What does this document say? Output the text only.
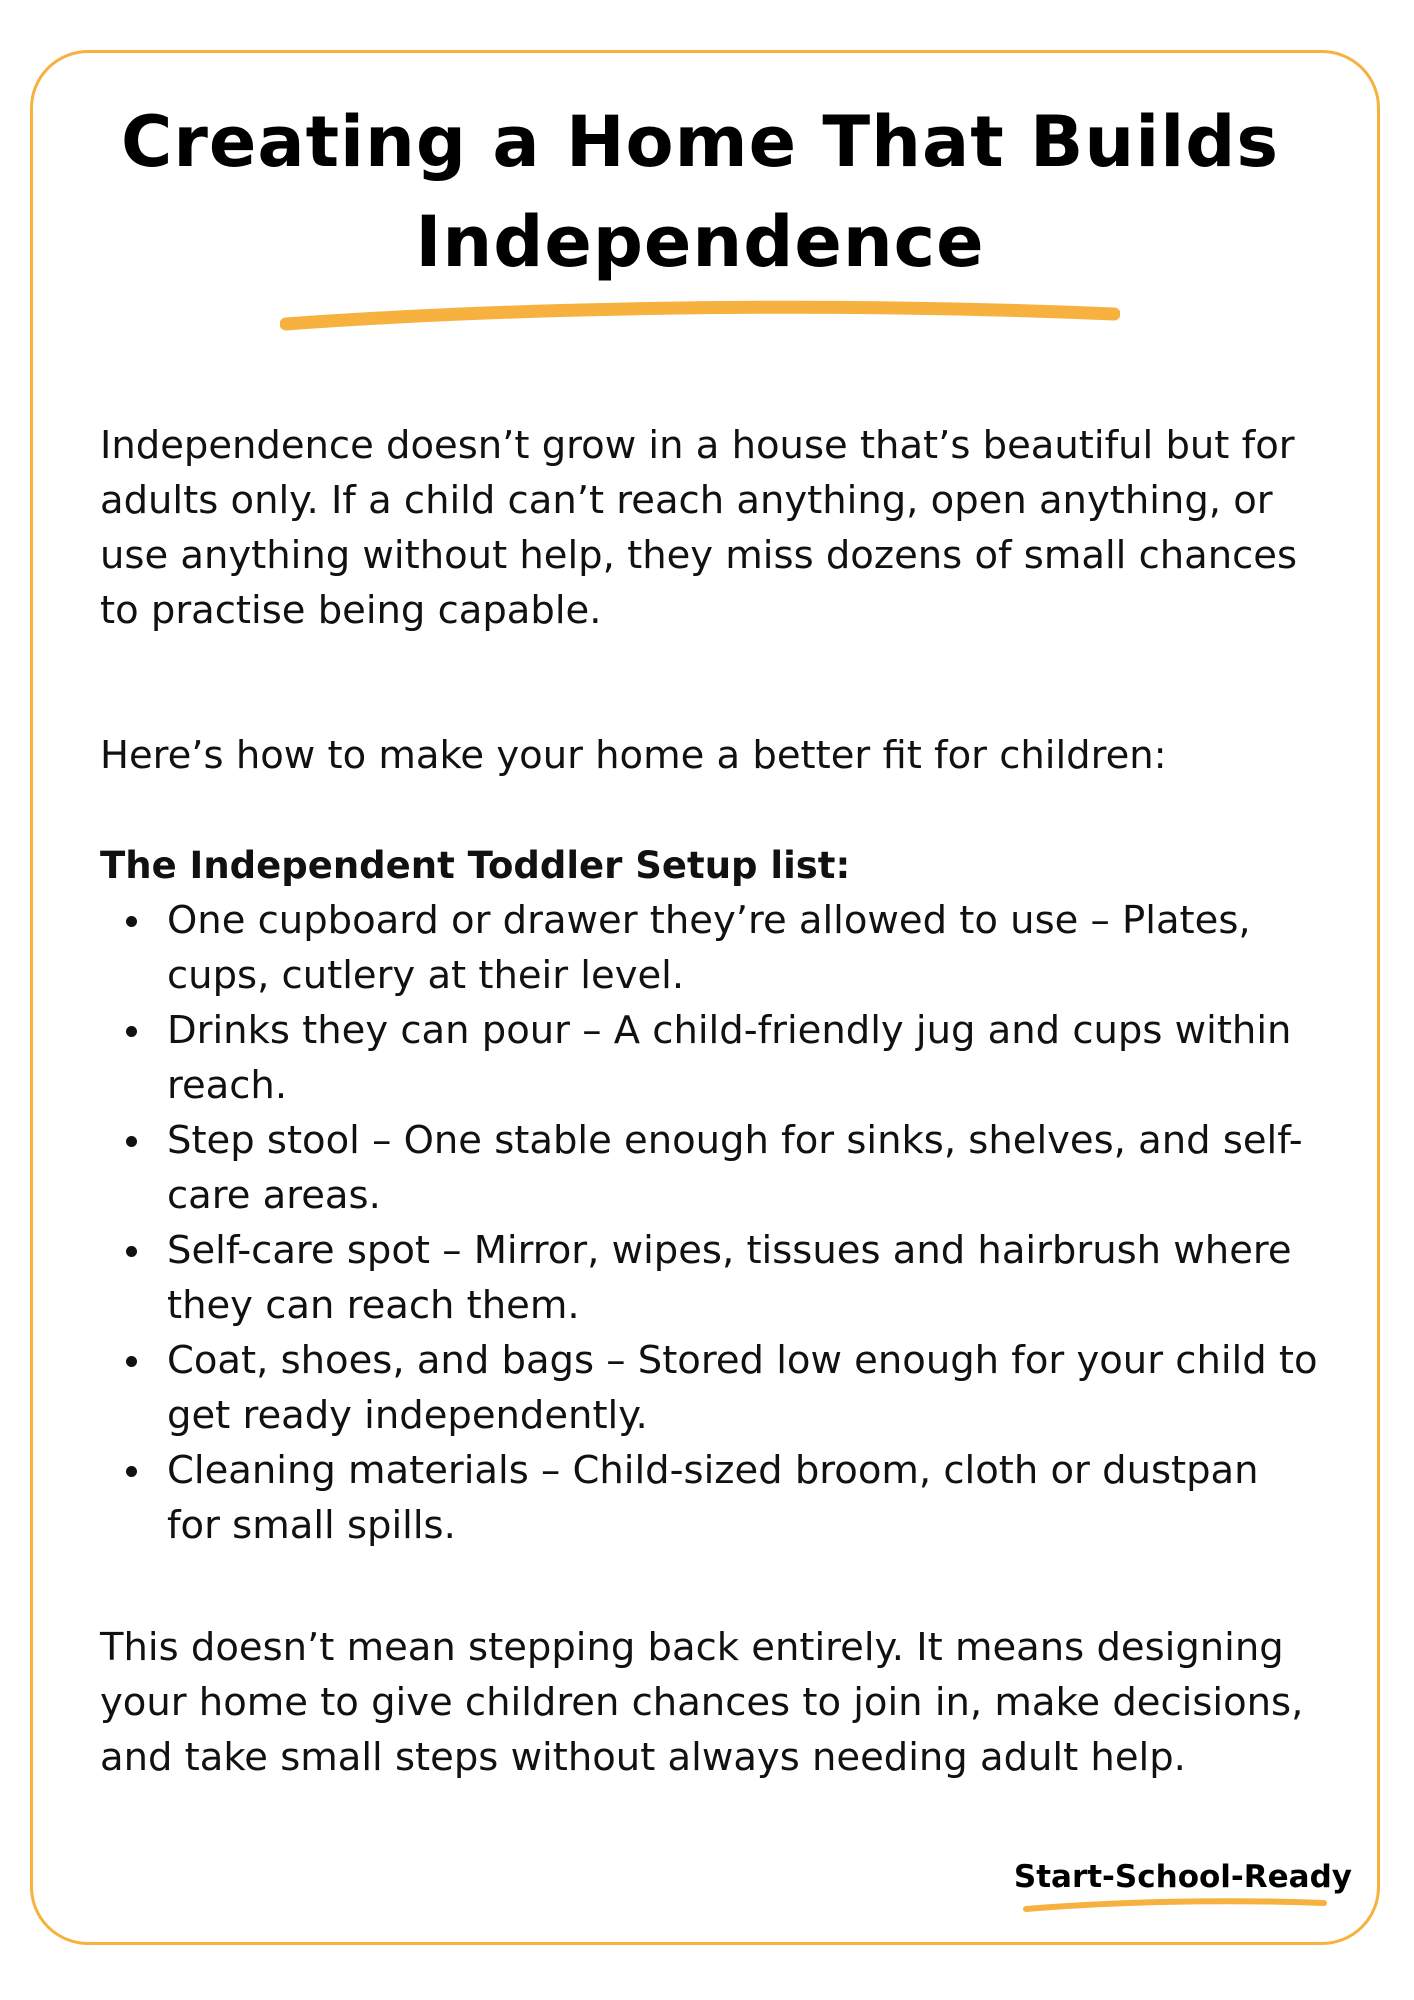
Creating a Home That Builds Independence

Independence doesn’t grow in a house that’s beautiful but for adults only. If a child can’t reach anything, open anything, or use anything without help, they miss dozens of small chances to practise being capable.

Here’s how to make your home a better fit for children:

The Independent Toddler Setup list:

One cupboard or drawer they’re allowed to use – Plates, cups, cutlery at their level.
Drinks they can pour – A child-friendly jug and cups within reach.
Step stool – One stable enough for sinks, shelves, and self-care areas.
Self-care spot – Mirror, wipes, tissues and hairbrush where they can reach them.
Coat, shoes, and bags – Stored low enough for your child to get ready independently.
Cleaning materials – Child-sized broom, cloth or dustpan for small spills.

This doesn’t mean stepping back entirely. It means designing your home to give children chances to join in, make decisions, and take small steps without always needing adult help.

Start-School-Ready
